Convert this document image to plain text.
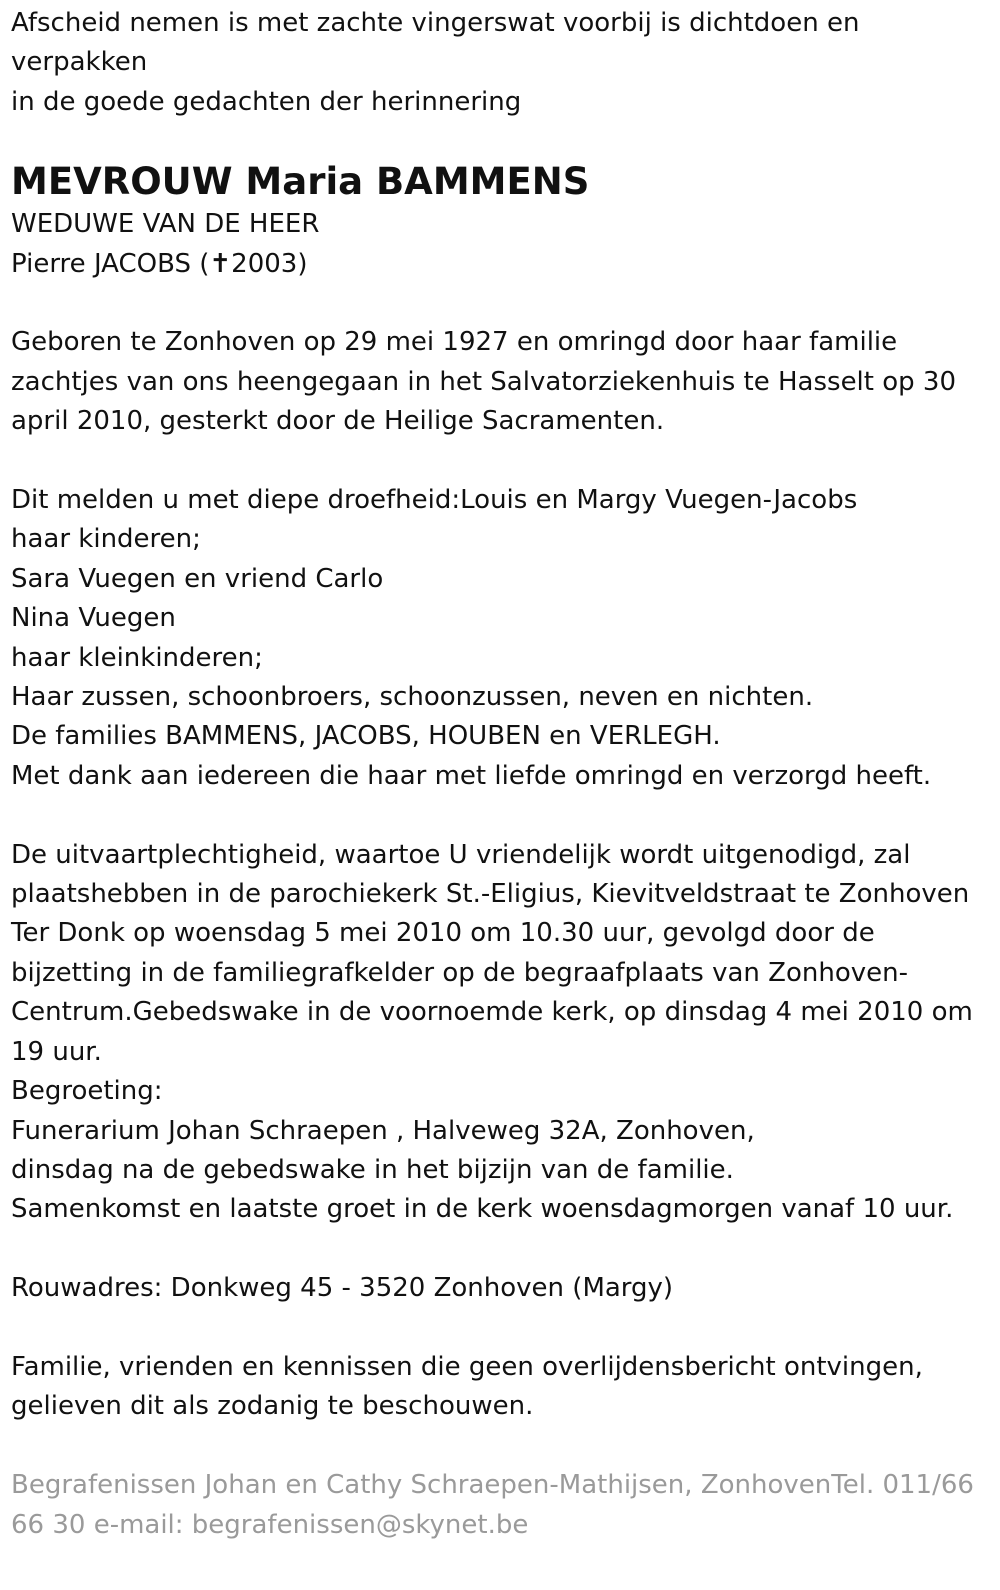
Afscheid nemen is met zachte vingerswat voorbij is dichtdoen en

verpakken

in de goede gedachten der herinnering

MEVROUW Maria BAMMENS

WEDUWE VAN DE HEER

Pierre JACOBS (✝2003)

Geboren te Zonhoven op 29 mei 1927 en omringd door haar familie

zachtjes van ons heengegaan in het Salvatorziekenhuis te Hasselt op 30

april 2010, gesterkt door de Heilige Sacramenten.

Dit melden u met diepe droefheid:Louis en Margy Vuegen-Jacobs

haar kinderen;

Sara Vuegen en vriend Carlo

Nina Vuegen

haar kleinkinderen;

Haar zussen, schoonbroers, schoonzussen, neven en nichten.

De families BAMMENS, JACOBS, HOUBEN en VERLEGH.

Met dank aan iedereen die haar met liefde omringd en verzorgd heeft.

De uitvaartplechtigheid, waartoe U vriendelijk wordt uitgenodigd, zal

plaatshebben in de parochiekerk St.-Eligius, Kievitveldstraat te Zonhoven

Ter Donk op woensdag 5 mei 2010 om 10.30 uur, gevolgd door de

bijzetting in de familiegrafkelder op de begraafplaats van Zonhoven-

Centrum.Gebedswake in de voornoemde kerk, op dinsdag 4 mei 2010 om

19 uur.

Begroeting:

Funerarium Johan Schraepen , Halveweg 32A, Zonhoven,

dinsdag na de gebedswake in het bijzijn van de familie.

Samenkomst en laatste groet in de kerk woensdagmorgen vanaf 10 uur.

Rouwadres: Donkweg 45 - 3520 Zonhoven (Margy)

Familie, vrienden en kennissen die geen overlijdensbericht ontvingen,

gelieven dit als zodanig te beschouwen.

Begrafenissen Johan en Cathy Schraepen-Mathijsen, ZonhovenTel. 011/66

66 30 e-mail: begrafenissen@skynet.be
